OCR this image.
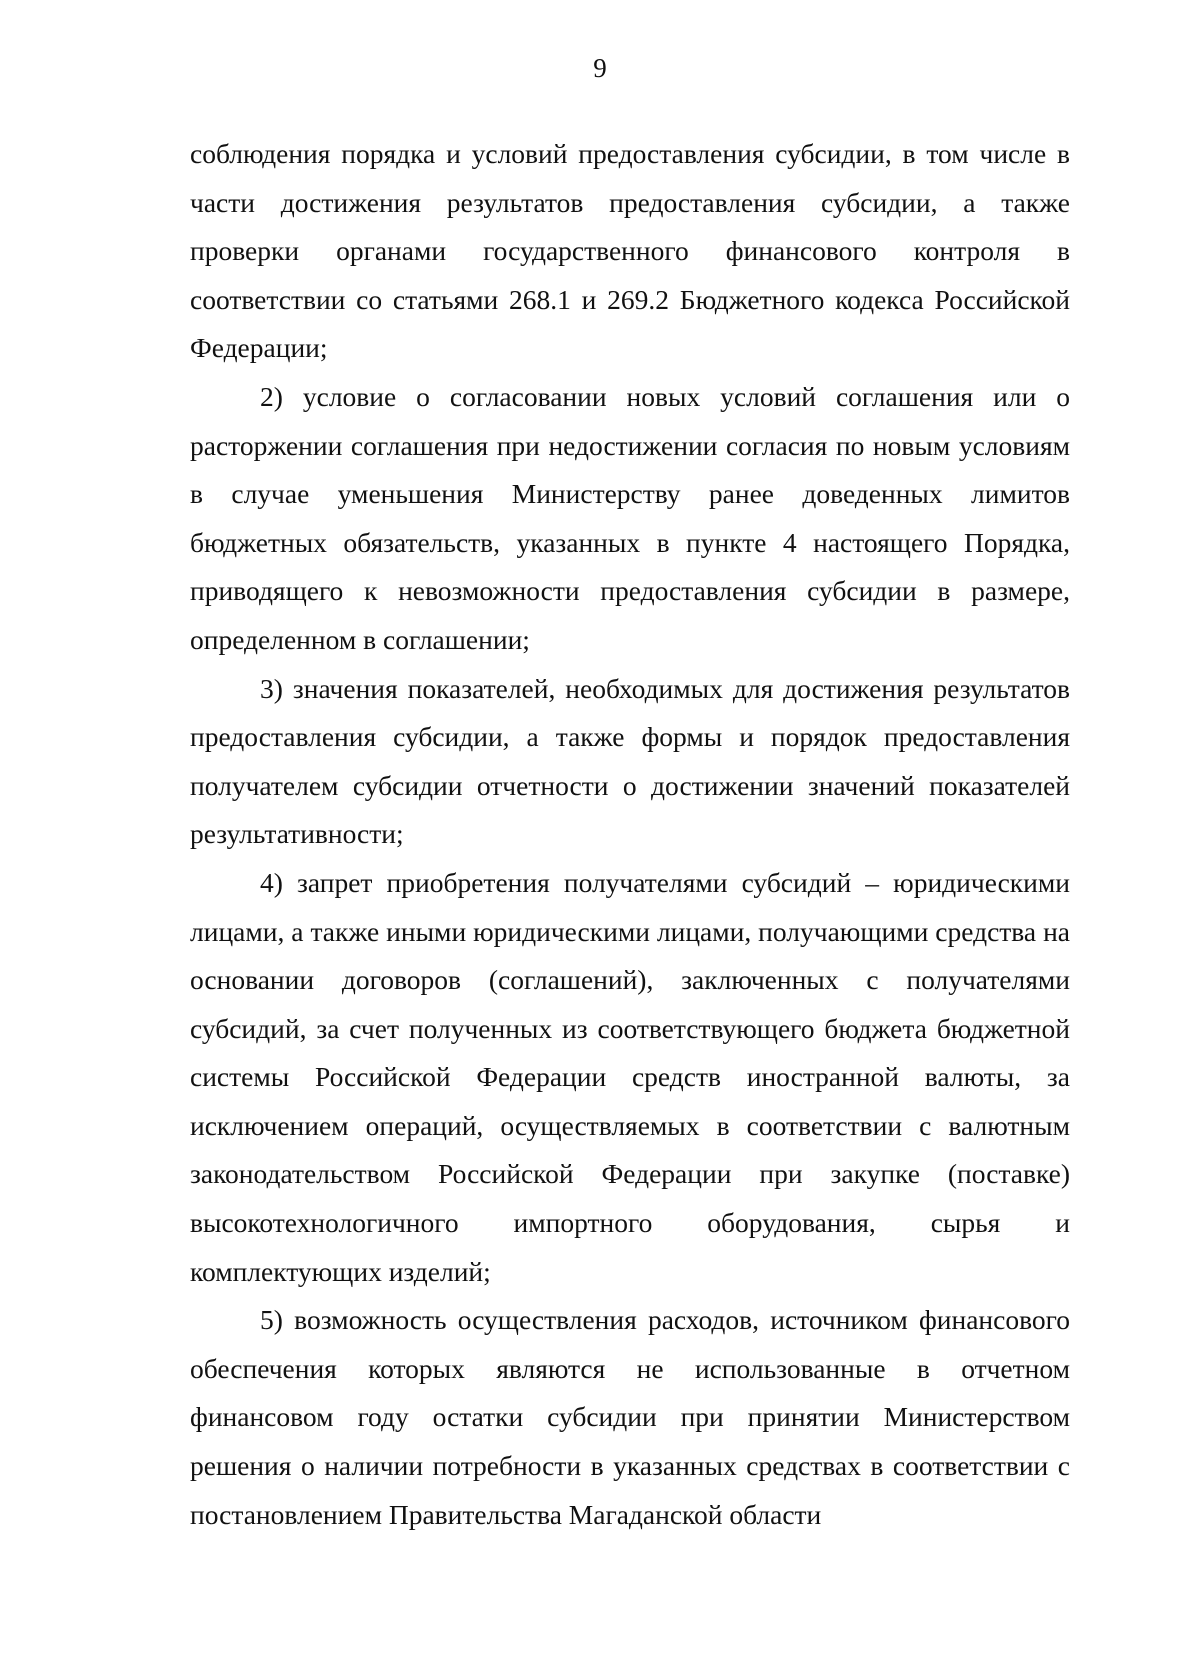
9

соблюдения порядка и условий предоставления субсидии, в том числе в части достижения результатов предоставления субсидии, а также проверки органами государственного финансового контроля в соответствии со статьями 268.1 и 269.2 Бюджетного кодекса Российской Федерации;

2) условие о согласовании новых условий соглашения или о расторжении соглашения при недостижении согласия по новым условиям в случае уменьшения Министерству ранее доведенных лимитов бюджетных обязательств, указанных в пункте 4 настоящего Порядка, приводящего к невозможности предоставления субсидии в размере, определенном в соглашении;

3) значения показателей, необходимых для достижения результатов предоставления субсидии, а также формы и порядок предоставления получателем субсидии отчетности о достижении значений показателей результативности;

4) запрет приобретения получателями субсидий – юридическими лицами, а также иными юридическими лицами, получающими средства на основании договоров (соглашений), заключенных с получателями субсидий, за счет полученных из соответствующего бюджета бюджетной системы Российской Федерации средств иностранной валюты, за исключением операций, осуществляемых в соответствии с валютным законодательством Российской Федерации при закупке (поставке) высокотехнологичного импортного оборудования, сырья и комплектующих изделий;

5) возможность осуществления расходов, источником финансового обеспечения которых являются не использованные в отчетном финансовом году остатки субсидии при принятии Министерством решения о наличии потребности в указанных средствах в соответствии с постановлением Правительства Магаданской области
